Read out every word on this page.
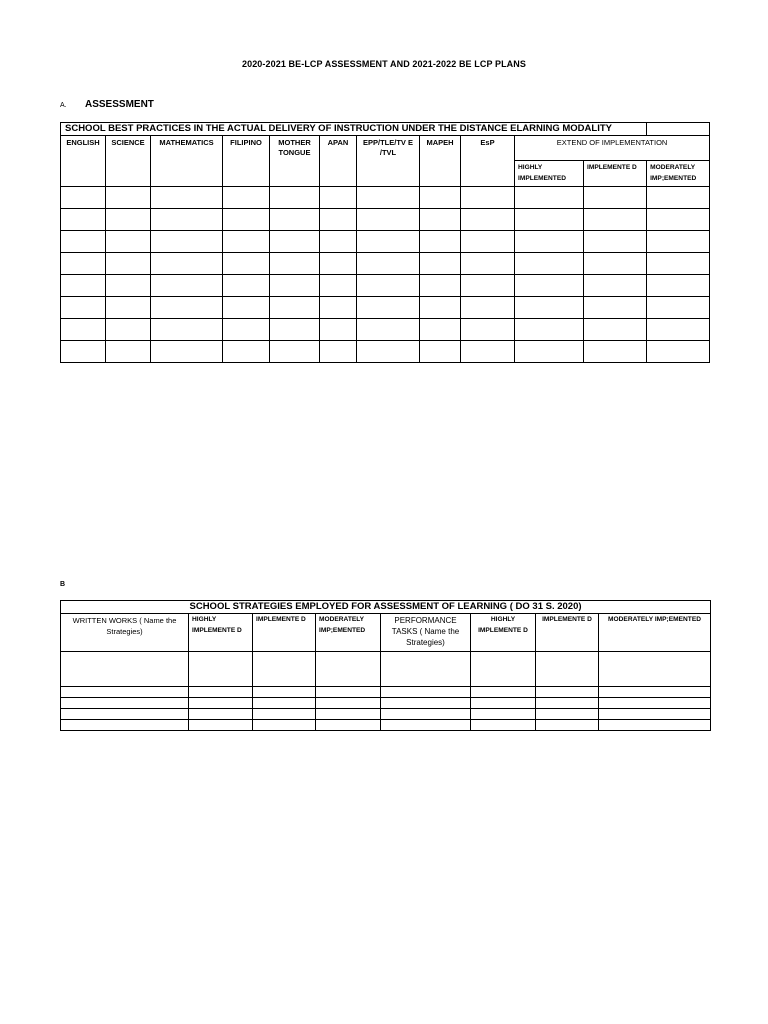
2020-2021 BE-LCP ASSESSMENT AND 2021-2022 BE LCP PLANS
A. ASSESSMENT
SCHOOL BEST PRACTICES IN THE ACTUAL DELIVERY OF INSTRUCTION UNDER THE DISTANCE ELARNING MODALITY											
ENGLISH	SCIENCE	MATHEMATICS	FILIPINO	MOTHER TONGUE	APAN	EPP/TLE/TV E /TVL	MAPEH	EsP	EXTEND OF IMPLEMENTATION		
									HIGHLY IMPLEMENTED	IMPLEMENTE D	MODERATELY IMP;EMENTED

B
SCHOOL STRATEGIES EMPLOYED FOR ASSESSMENT OF LEARNING ( DO 31 S. 2020)							
WRITTEN WORKS ( Name the Strategies)	HIGHLY IMPLEMENTE D	IMPLEMENTE D	MODERATELY IMP;EMENTED	PERFORMANCE TASKS ( Name the Strategies)	HIGHLY IMPLEMENTE D	IMPLEMENTE D	MODERATELY IMP;EMENTED
